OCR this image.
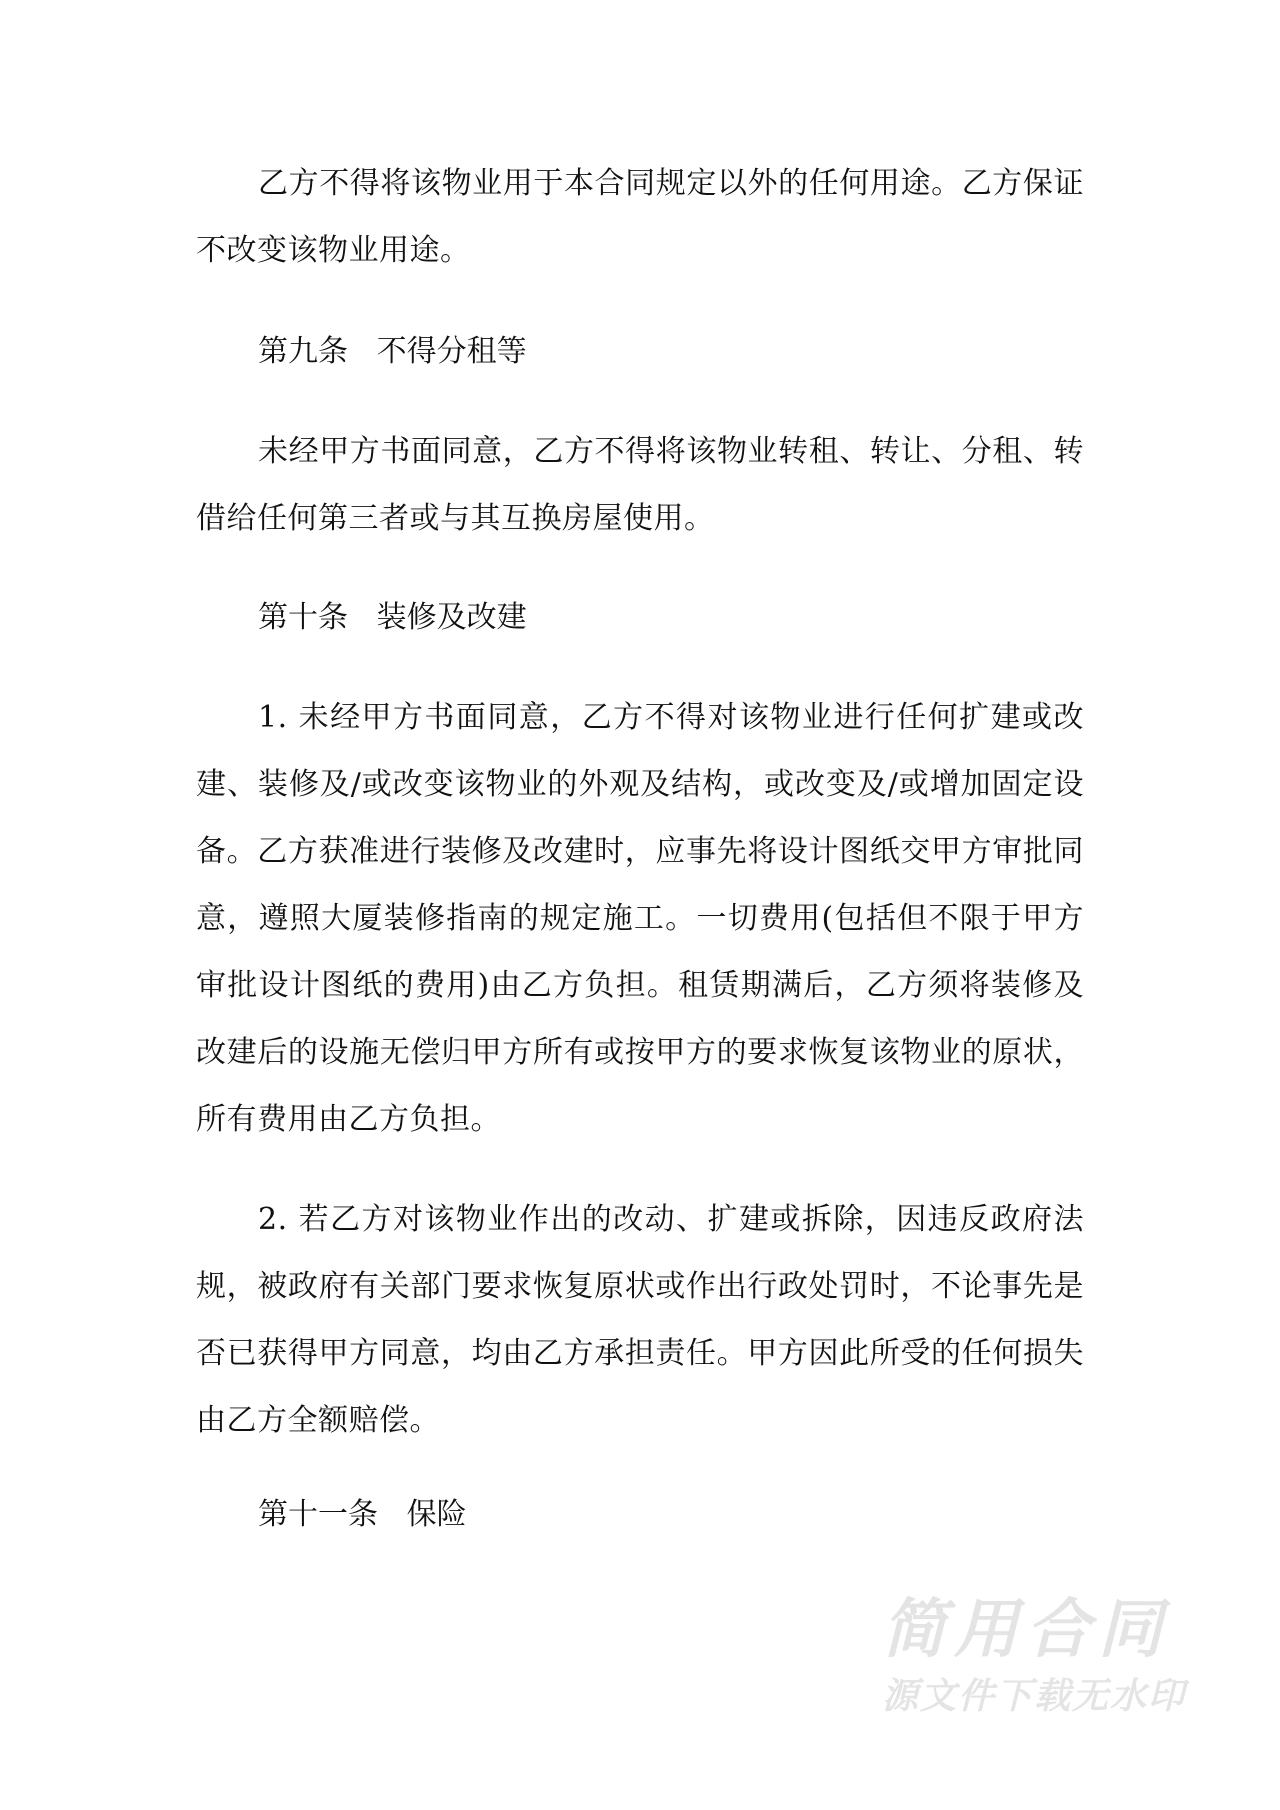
乙方不得将该物业用于本合同规定以外的任何用途。乙方保证不改变该物业用途。

第九条   不得分租等

未经甲方书面同意，乙方不得将该物业转租、转让、分租、转借给任何第三者或与其互换房屋使用。

第十条   装修及改建

1. 未经甲方书面同意，乙方不得对该物业进行任何扩建或改建、装修及/或改变该物业的外观及结构，或改变及/或增加固定设备。乙方获准进行装修及改建时，应事先将设计图纸交甲方审批同意，遵照大厦装修指南的规定施工。一切费用(包括但不限于甲方审批设计图纸的费用)由乙方负担。租赁期满后，乙方须将装修及改建后的设施无偿归甲方所有或按甲方的要求恢复该物业的原状，所有费用由乙方负担。

2. 若乙方对该物业作出的改动、扩建或拆除，因违反政府法规，被政府有关部门要求恢复原状或作出行政处罚时，不论事先是否已获得甲方同意，均由乙方承担责任。甲方因此所受的任何损失由乙方全额赔偿。

第十一条   保险

简用合同
源文件下载无水印
